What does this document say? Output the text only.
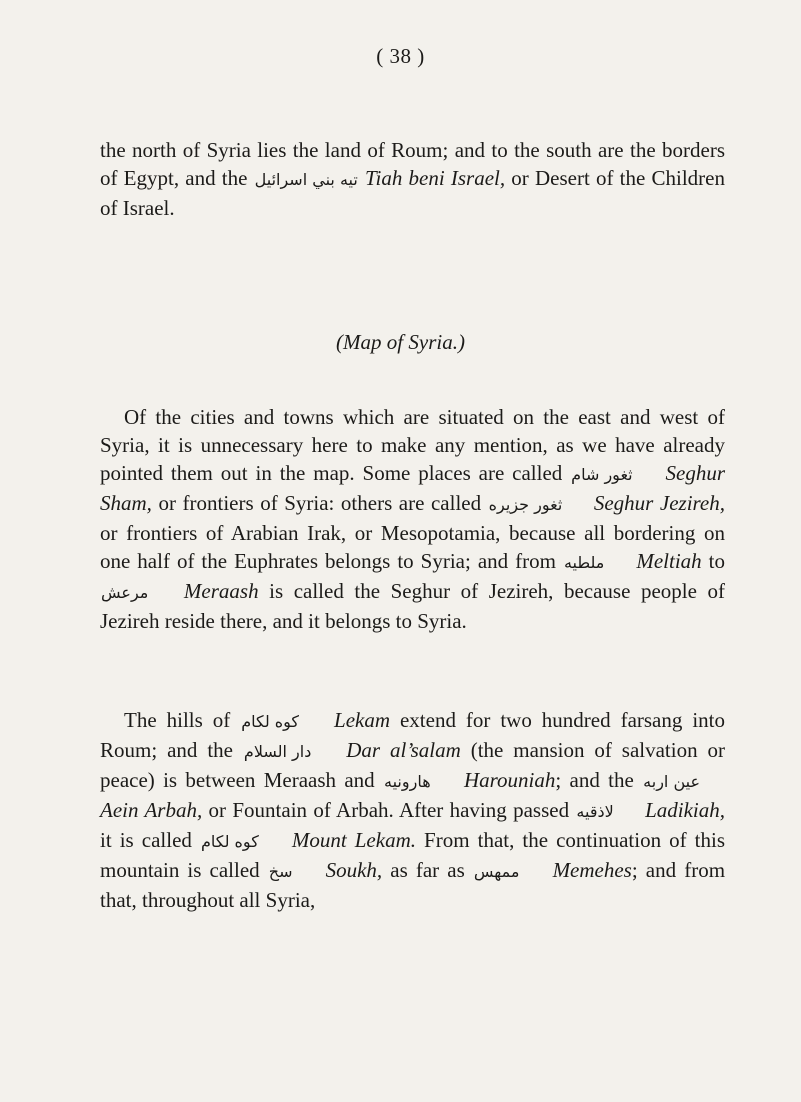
( 38 )

the north of Syria lies the land of Roum; and to the south are the borders of Egypt, and the تيه بني اسرائيل Tiah beni Israel, or Desert of the Children of Israel.

(Map of Syria.)

Of the cities and towns which are situated on the east and west of Syria, it is unnecessary here to make any mention, as we have already pointed them out in the map. Some places are called ثغور شام Seghur Sham, or frontiers of Syria: others are called ثغور جزيره Seghur Jezireh, or frontiers of Arabian Irak, or Mesopotamia, because all bordering on one half of the Euphrates belongs to Syria; and from ملطيه Meltiah to مرعش Meraash is called the Seghur of Jezireh, because people of Jezireh reside there, and it belongs to Syria.

The hills of كوه لكام Lekam extend for two hundred farsang into Roum; and the دار السلام Dar al’salam (the mansion of salvation or peace) is between Meraash and هارونيه Harouniah; and the عين اربه Aein Arbah, or Fountain of Arbah. After having passed لاذقيه Ladikiah, it is called كوه لكام Mount Lekam. From that, the continuation of this mountain is called سخ Soukh, as far as ممهس Memehes; and from that, throughout all Syria,
